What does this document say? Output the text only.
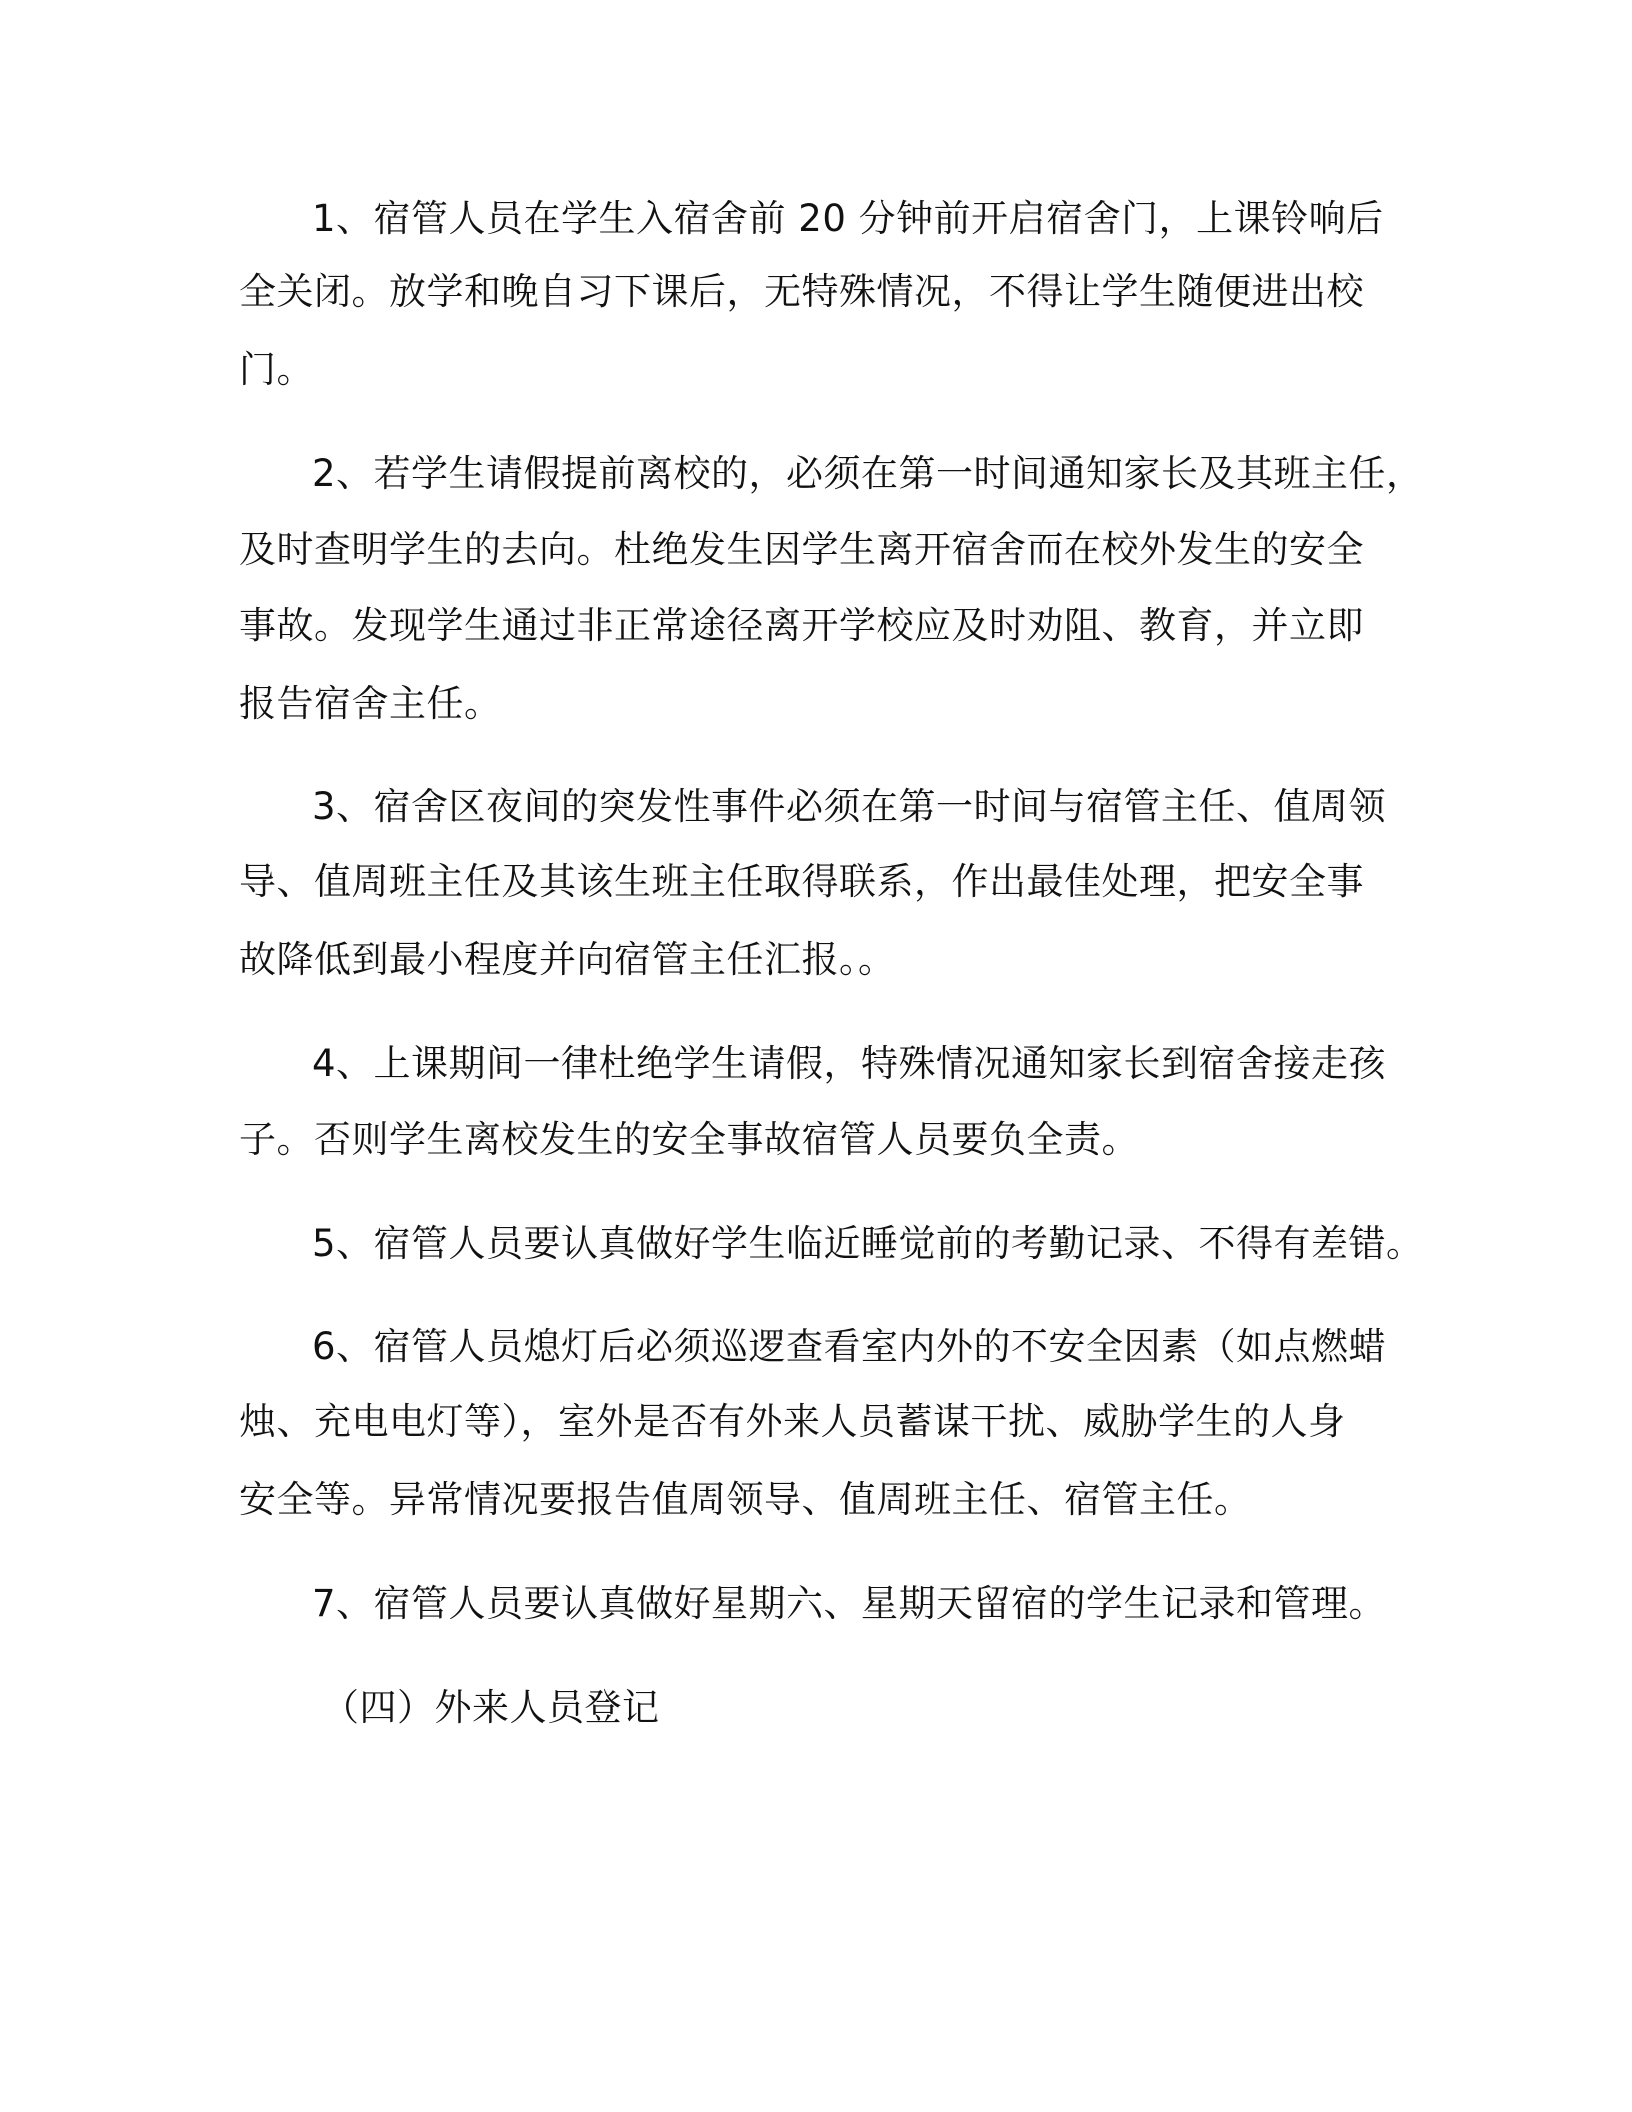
1、宿管人员在学生入宿舍前 20 分钟前开启宿舍门，上课铃响后
全关闭。放学和晚自习下课后，无特殊情况，不得让学生随便进出校
门。
2、若学生请假提前离校的，必须在第一时间通知家长及其班主任，
及时查明学生的去向。杜绝发生因学生离开宿舍而在校外发生的安全
事故。发现学生通过非正常途径离开学校应及时劝阻、教育，并立即
报告宿舍主任。
3、宿舍区夜间的突发性事件必须在第一时间与宿管主任、值周领
导、值周班主任及其该生班主任取得联系，作出最佳处理，把安全事
故降低到最小程度并向宿管主任汇报。。
4、上课期间一律杜绝学生请假，特殊情况通知家长到宿舍接走孩
子。否则学生离校发生的安全事故宿管人员要负全责。
5、宿管人员要认真做好学生临近睡觉前的考勤记录、不得有差错。
6、宿管人员熄灯后必须巡逻查看室内外的不安全因素（如点燃蜡
烛、充电电灯等），室外是否有外来人员蓄谋干扰、威胁学生的人身
安全等。异常情况要报告值周领导、值周班主任、宿管主任。
7、宿管人员要认真做好星期六、星期天留宿的学生记录和管理。
（四）外来人员登记
